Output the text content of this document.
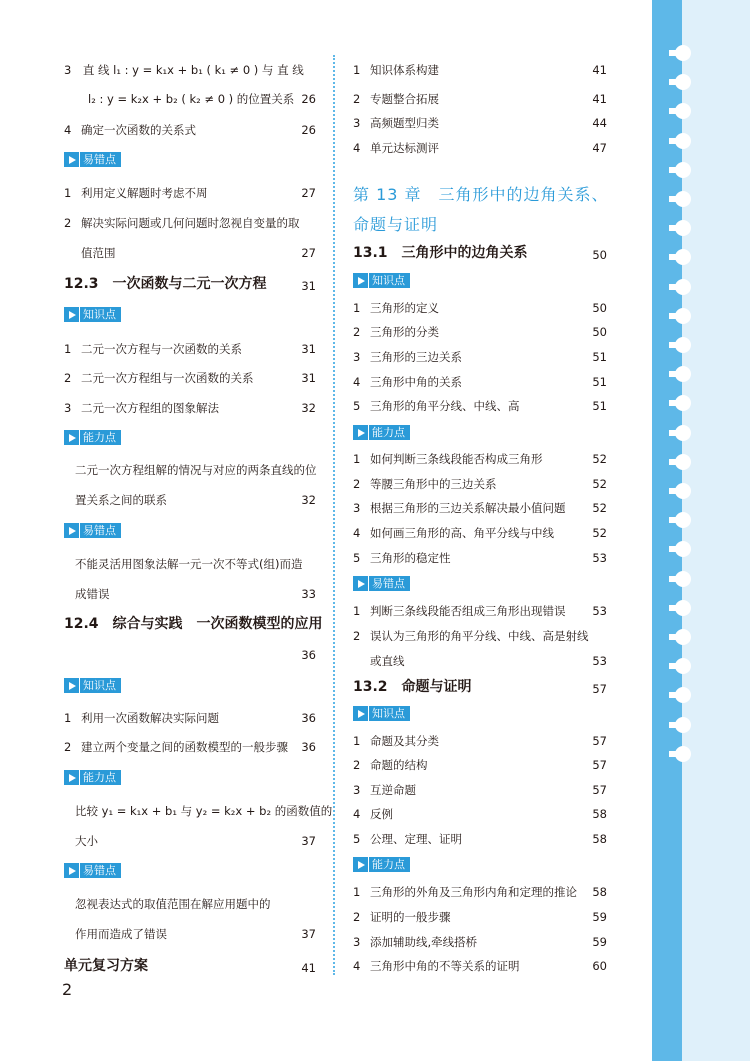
3　直 线 l₁ : y = k₁x + b₁ ( k₁ ≠ 0 ) 与 直 线
l₂ : y = k₂x + b₂ ( k₂ ≠ 0 ) 的位置关系 26
4 确定一次函数的关系式	26
易错点
1 利用定义解题时考虑不周	27
2 解决实际问题或几何问题时忽视自变量的取
值范围	27
12.3　一次函数与二元一次方程	31
知识点
1 二元一次方程与一次函数的关系	31
2 二元一次方程组与一次函数的关系	31
3 二元一次方程组的图象解法	32
能力点
二元一次方程组解的情况与对应的两条直线的位
置关系之间的联系	32
易错点
不能灵活用图象法解一元一次不等式(组)而造
成错误	33
12.4　综合与实践　一次函数模型的应用
36
知识点
1 利用一次函数解决实际问题	36
2 建立两个变量之间的函数模型的一般步骤	36
能力点
比较 y₁ = k₁x + b₁ 与 y₂ = k₂x + b₂ 的函数值的
大小	37
易错点
忽视表达式的取值范围在解应用题中的
作用而造成了错误	37
单元复习方案	41
2
1 知识体系构建	41
2 专题整合拓展	41
3 高频题型归类	44
4 单元达标测评	47
第 13 章　三角形中的边角关系、
命题与证明
13.1　三角形中的边角关系	50
知识点
1 三角形的定义	50
2 三角形的分类	50
3 三角形的三边关系	51
4 三角形中角的关系	51
5 三角形的角平分线、中线、高	51
能力点
1 如何判断三条线段能否构成三角形	52
2 等腰三角形中的三边关系	52
3 根据三角形的三边关系解决最小值问题	52
4 如何画三角形的高、角平分线与中线	52
5 三角形的稳定性	53
易错点
1 判断三条线段能否组成三角形出现错误	53
2 误认为三角形的角平分线、中线、高是射线
或直线	53
13.2　命题与证明	57
知识点
1 命题及其分类	57
2 命题的结构	57
3 互逆命题	57
4 反例	58
5 公理、定理、证明	58
能力点
1 三角形的外角及三角形内角和定理的推论	58
2 证明的一般步骤	59
3 添加辅助线,牵线搭桥	59
4 三角形中角的不等关系的证明	60
